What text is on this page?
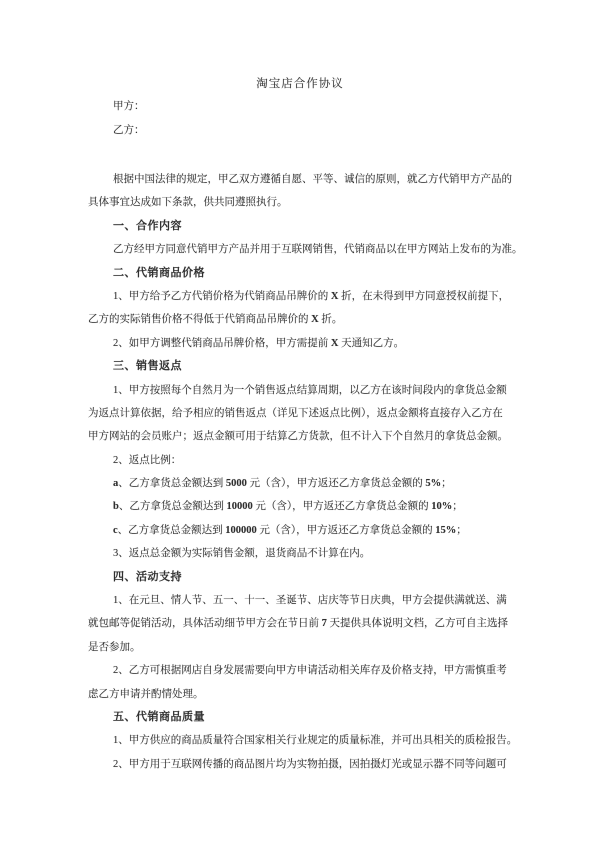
淘宝店合作协议
甲方：
乙方：
根据中国法律的规定，甲乙双方遵循自愿、平等、诚信的原则，就乙方代销甲方产品的
具体事宜达成如下条款，供共同遵照执行。
一、合作内容
乙方经甲方同意代销甲方产品并用于互联网销售，代销商品以在甲方网站上发布的为准。
二、代销商品价格
1、甲方给予乙方代销价格为代销商品吊牌价的 X 折，在未得到甲方同意授权前提下，
乙方的实际销售价格不得低于代销商品吊牌价的 X 折。
2、如甲方调整代销商品吊牌价格，甲方需提前 X 天通知乙方。
三、销售返点
1、甲方按照每个自然月为一个销售返点结算周期，以乙方在该时间段内的拿货总金额
为返点计算依据，给予相应的销售返点（详见下述返点比例），返点金额将直接存入乙方在
甲方网站的会员账户；返点金额可用于结算乙方货款，但不计入下个自然月的拿货总金额。
2、返点比例：
a、乙方拿货总金额达到 5000 元（含），甲方返还乙方拿货总金额的 5%；
b、乙方拿货总金额达到 10000 元（含），甲方返还乙方拿货总金额的 10%；
c、乙方拿货总金额达到 100000 元（含），甲方返还乙方拿货总金额的 15%；
3、返点总金额为实际销售金额，退货商品不计算在内。
四、活动支持
1、在元旦、情人节、五一、十一、圣诞节、店庆等节日庆典，甲方会提供满就送、满
就包邮等促销活动，具体活动细节甲方会在节日前 7 天提供具体说明文档，乙方可自主选择
是否参加。
2、乙方可根据网店自身发展需要向甲方申请活动相关库存及价格支持，甲方需慎重考
虑乙方申请并酌情处理。
五、代销商品质量
1、甲方供应的商品质量符合国家相关行业规定的质量标准，并可出具相关的质检报告。
2、甲方用于互联网传播的商品图片均为实物拍摄，因拍摄灯光或显示器不同等问题可
